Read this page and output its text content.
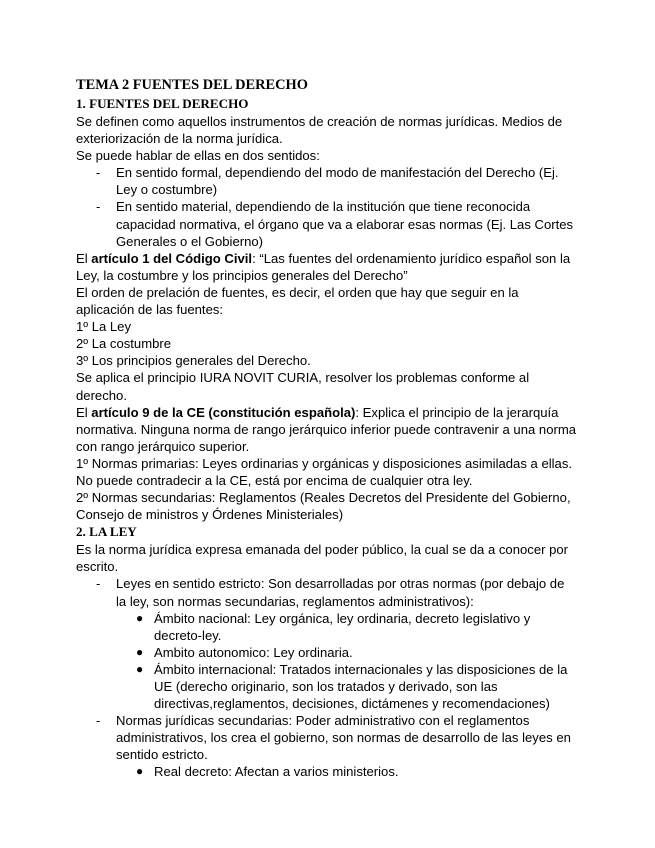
TEMA 2 FUENTES DEL DERECHO
1. FUENTES DEL DERECHO

Se definen como aquellos instrumentos de creación de normas jurídicas. Medios de exteriorización de la norma jurídica.

Se puede hablar de ellas en dos sentidos:

- En sentido formal, dependiendo del modo de manifestación del Derecho (Ej. Ley o costumbre)
- En sentido material, dependiendo de la institución que tiene reconocida capacidad normativa, el órgano que va a elaborar esas normas (Ej. Las Cortes Generales o el Gobierno)

El artículo 1 del Código Civil: “Las fuentes del ordenamiento jurídico español son la Ley, la costumbre y los principios generales del Derecho”

El orden de prelación de fuentes, es decir, el orden que hay que seguir en la aplicación de las fuentes:

1º La Ley

2º La costumbre

3º Los principios generales del Derecho.

Se aplica el principio IURA NOVIT CURIA, resolver los problemas conforme al derecho.

El artículo 9 de la CE (constitución española): Explica el principio de la jerarquía normativa. Ninguna norma de rango jerárquico inferior puede contravenir a una norma con rango jerárquico superior.

1º Normas primarias: Leyes ordinarias y orgánicas y disposiciones asimiladas a ellas. No puede contradecir a la CE, está por encima de cualquier otra ley.

2º Normas secundarias: Reglamentos (Reales Decretos del Presidente del Gobierno, Consejo de ministros y Órdenes Ministeriales)

2. LA LEY

Es la norma jurídica expresa emanada del poder público, la cual se da a conocer por escrito.

- Leyes en sentido estricto: Son desarrolladas por otras normas (por debajo de la ley, son normas secundarias, reglamentos administrativos):
● Ámbito nacional: Ley orgánica, ley ordinaria, decreto legislativo y decreto-ley.
● Ambito autonomico: Ley ordinaria.
● Ámbito internacional: Tratados internacionales y las disposiciones de la UE (derecho originario, son los tratados y derivado, son las directivas,reglamentos, decisiones, dictámenes y recomendaciones)
- Normas jurídicas secundarias: Poder administrativo con el reglamentos administrativos, los crea el gobierno, son normas de desarrollo de las leyes en sentido estricto.
● Real decreto: Afectan a varios ministerios.
